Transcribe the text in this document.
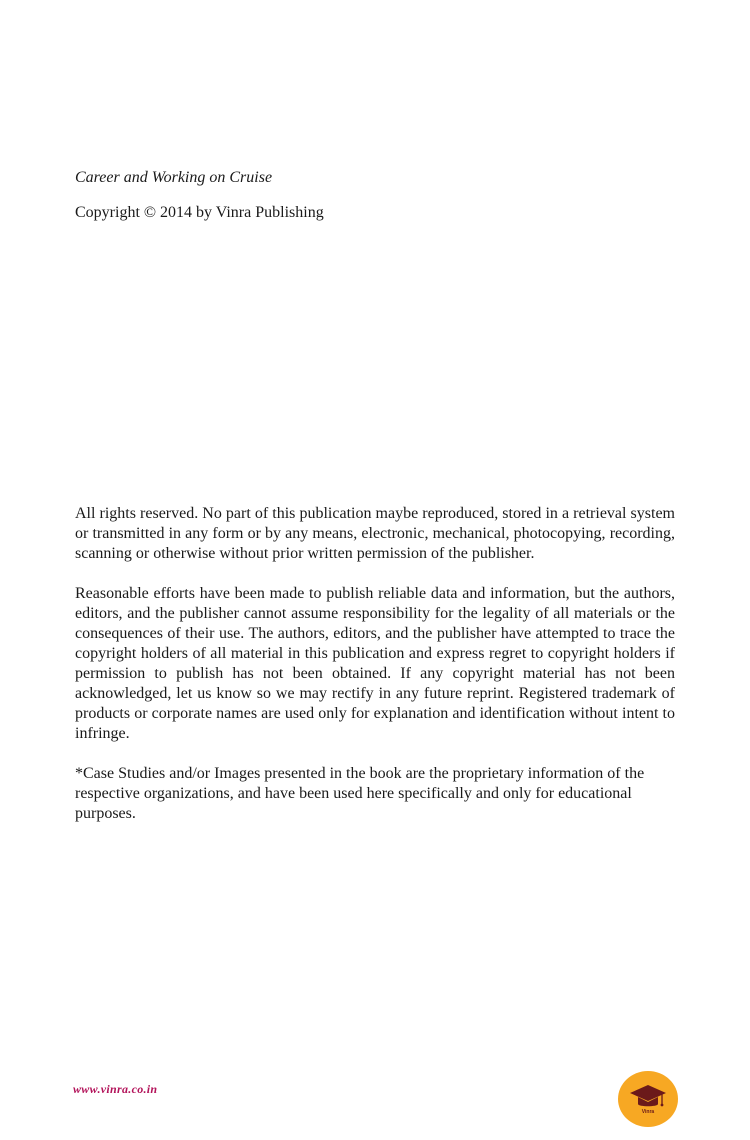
Career and Working on Cruise
Copyright © 2014 by Vinra Publishing

All rights reserved. No part of this publication maybe reproduced, stored in a retrieval system or transmitted in any form or by any means, electronic, mechanical, photocopying, recording, scanning or otherwise without prior written permission of the publisher.

Reasonable efforts have been made to publish reliable data and information, but the authors, editors, and the publisher cannot assume responsibility for the legality of all materials or the consequences of their use. The authors, editors, and the publisher have attempted to trace the copyright holders of all material in this publication and express regret to copyright holders if permission to publish has not been obtained. If any copyright material has not been acknowledged, let us know so we may rectify in any future reprint. Registered trademark of products or corporate names are used only for explanation and identification without intent to infringe.

*Case Studies and/or Images presented in the book are the proprietary information of the respective organizations, and have been used here specifically and only for educational purposes.

www.vinra.co.in
Vinra
